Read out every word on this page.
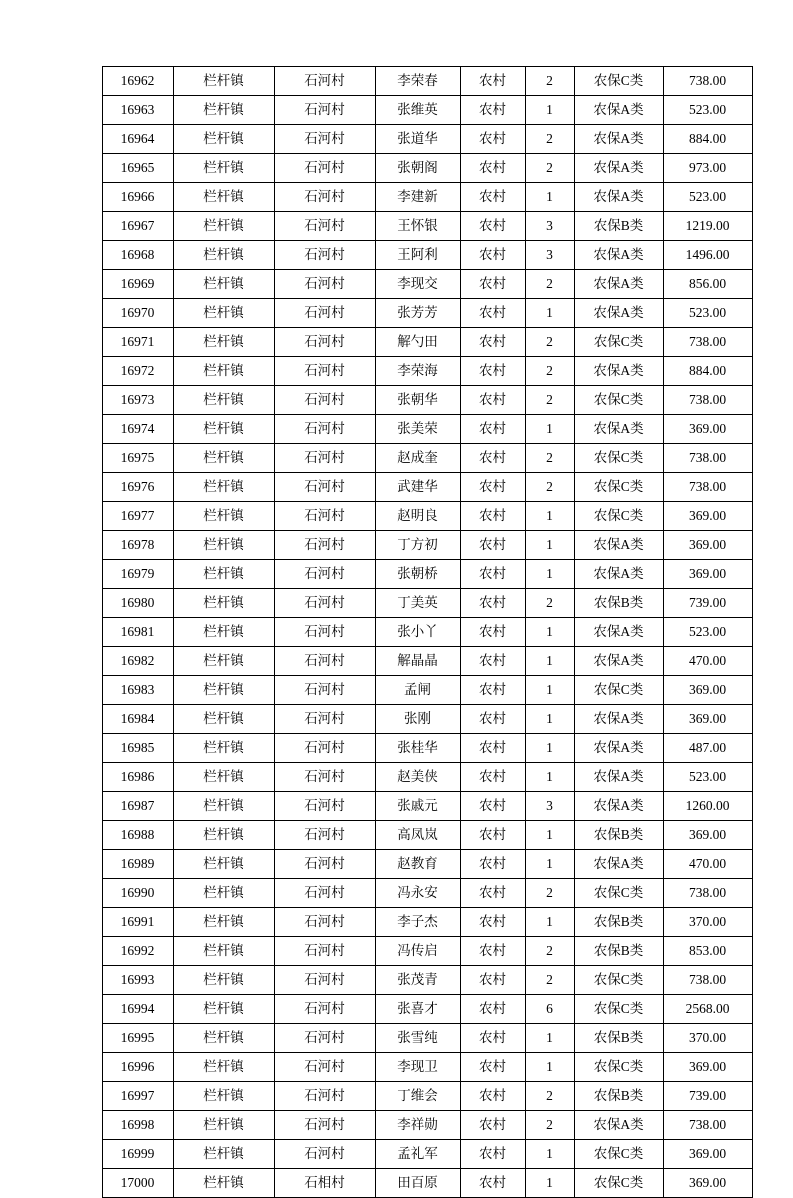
16962	栏杆镇	石河村	李荣春	农村	2	农保C类	738.00
16963	栏杆镇	石河村	张维英	农村	1	农保A类	523.00
16964	栏杆镇	石河村	张道华	农村	2	农保A类	884.00
16965	栏杆镇	石河村	张朝阁	农村	2	农保A类	973.00
16966	栏杆镇	石河村	李建新	农村	1	农保A类	523.00
16967	栏杆镇	石河村	王怀银	农村	3	农保B类	1219.00
16968	栏杆镇	石河村	王阿利	农村	3	农保A类	1496.00
16969	栏杆镇	石河村	李现交	农村	2	农保A类	856.00
16970	栏杆镇	石河村	张芳芳	农村	1	农保A类	523.00
16971	栏杆镇	石河村	解勺田	农村	2	农保C类	738.00
16972	栏杆镇	石河村	李荣海	农村	2	农保A类	884.00
16973	栏杆镇	石河村	张朝华	农村	2	农保C类	738.00
16974	栏杆镇	石河村	张美荣	农村	1	农保A类	369.00
16975	栏杆镇	石河村	赵成奎	农村	2	农保C类	738.00
16976	栏杆镇	石河村	武建华	农村	2	农保C类	738.00
16977	栏杆镇	石河村	赵明良	农村	1	农保C类	369.00
16978	栏杆镇	石河村	丁方初	农村	1	农保A类	369.00
16979	栏杆镇	石河村	张朝桥	农村	1	农保A类	369.00
16980	栏杆镇	石河村	丁美英	农村	2	农保B类	739.00
16981	栏杆镇	石河村	张小丫	农村	1	农保A类	523.00
16982	栏杆镇	石河村	解晶晶	农村	1	农保A类	470.00
16983	栏杆镇	石河村	孟闸	农村	1	农保C类	369.00
16984	栏杆镇	石河村	张刚	农村	1	农保A类	369.00
16985	栏杆镇	石河村	张桂华	农村	1	农保A类	487.00
16986	栏杆镇	石河村	赵美侠	农村	1	农保A类	523.00
16987	栏杆镇	石河村	张戚元	农村	3	农保A类	1260.00
16988	栏杆镇	石河村	高凤岚	农村	1	农保B类	369.00
16989	栏杆镇	石河村	赵教育	农村	1	农保A类	470.00
16990	栏杆镇	石河村	冯永安	农村	2	农保C类	738.00
16991	栏杆镇	石河村	李子杰	农村	1	农保B类	370.00
16992	栏杆镇	石河村	冯传启	农村	2	农保B类	853.00
16993	栏杆镇	石河村	张茂青	农村	2	农保C类	738.00
16994	栏杆镇	石河村	张喜才	农村	6	农保C类	2568.00
16995	栏杆镇	石河村	张雪纯	农村	1	农保B类	370.00
16996	栏杆镇	石河村	李现卫	农村	1	农保C类	369.00
16997	栏杆镇	石河村	丁维会	农村	2	农保B类	739.00
16998	栏杆镇	石河村	李祥勋	农村	2	农保A类	738.00
16999	栏杆镇	石河村	孟礼军	农村	1	农保C类	369.00
17000	栏杆镇	石相村	田百原	农村	1	农保C类	369.00
